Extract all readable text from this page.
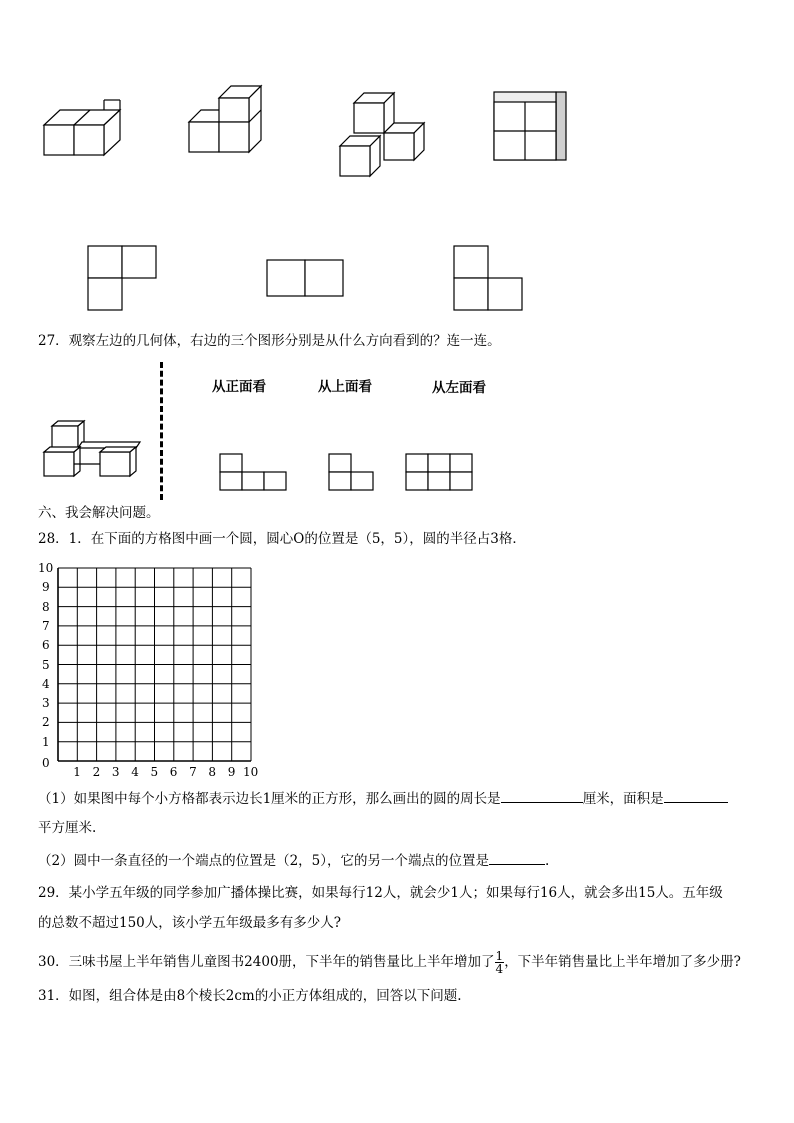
27．观察左边的几何体，右边的三个图形分别是从什么方向看到的？连一连。
从正面看	从上面看	从左面看
六、我会解决问题。
28．1．在下面的方格图中画一个圆，圆心O的位置是（5，5），圆的半径占3格．
10
9
8
7
6
5
4
3
2
1
0
1 2 3 4 5 6 7 8 9 10
（1）如果图中每个小方格都表示边长1厘米的正方形，那么画出的圆的周长是	厘米，面积是
平方厘米.
（2）圆中一条直径的一个端点的位置是（2，5），它的另一个端点的位置是	.
29．某小学五年级的同学参加广播体操比赛，如果每行12人，就会少1人；如果每行16人，就会多出15人。五年级
的总数不超过150人，该小学五年级最多有多少人?
30．三味书屋上半年销售儿童图书2400册，下半年的销售量比上半年增加了 $\frac{1}{4}$ ，下半年销售量比上半年增加了多少册?
31．如图，组合体是由8个棱长2cm的小正方体组成的，回答以下问题.
